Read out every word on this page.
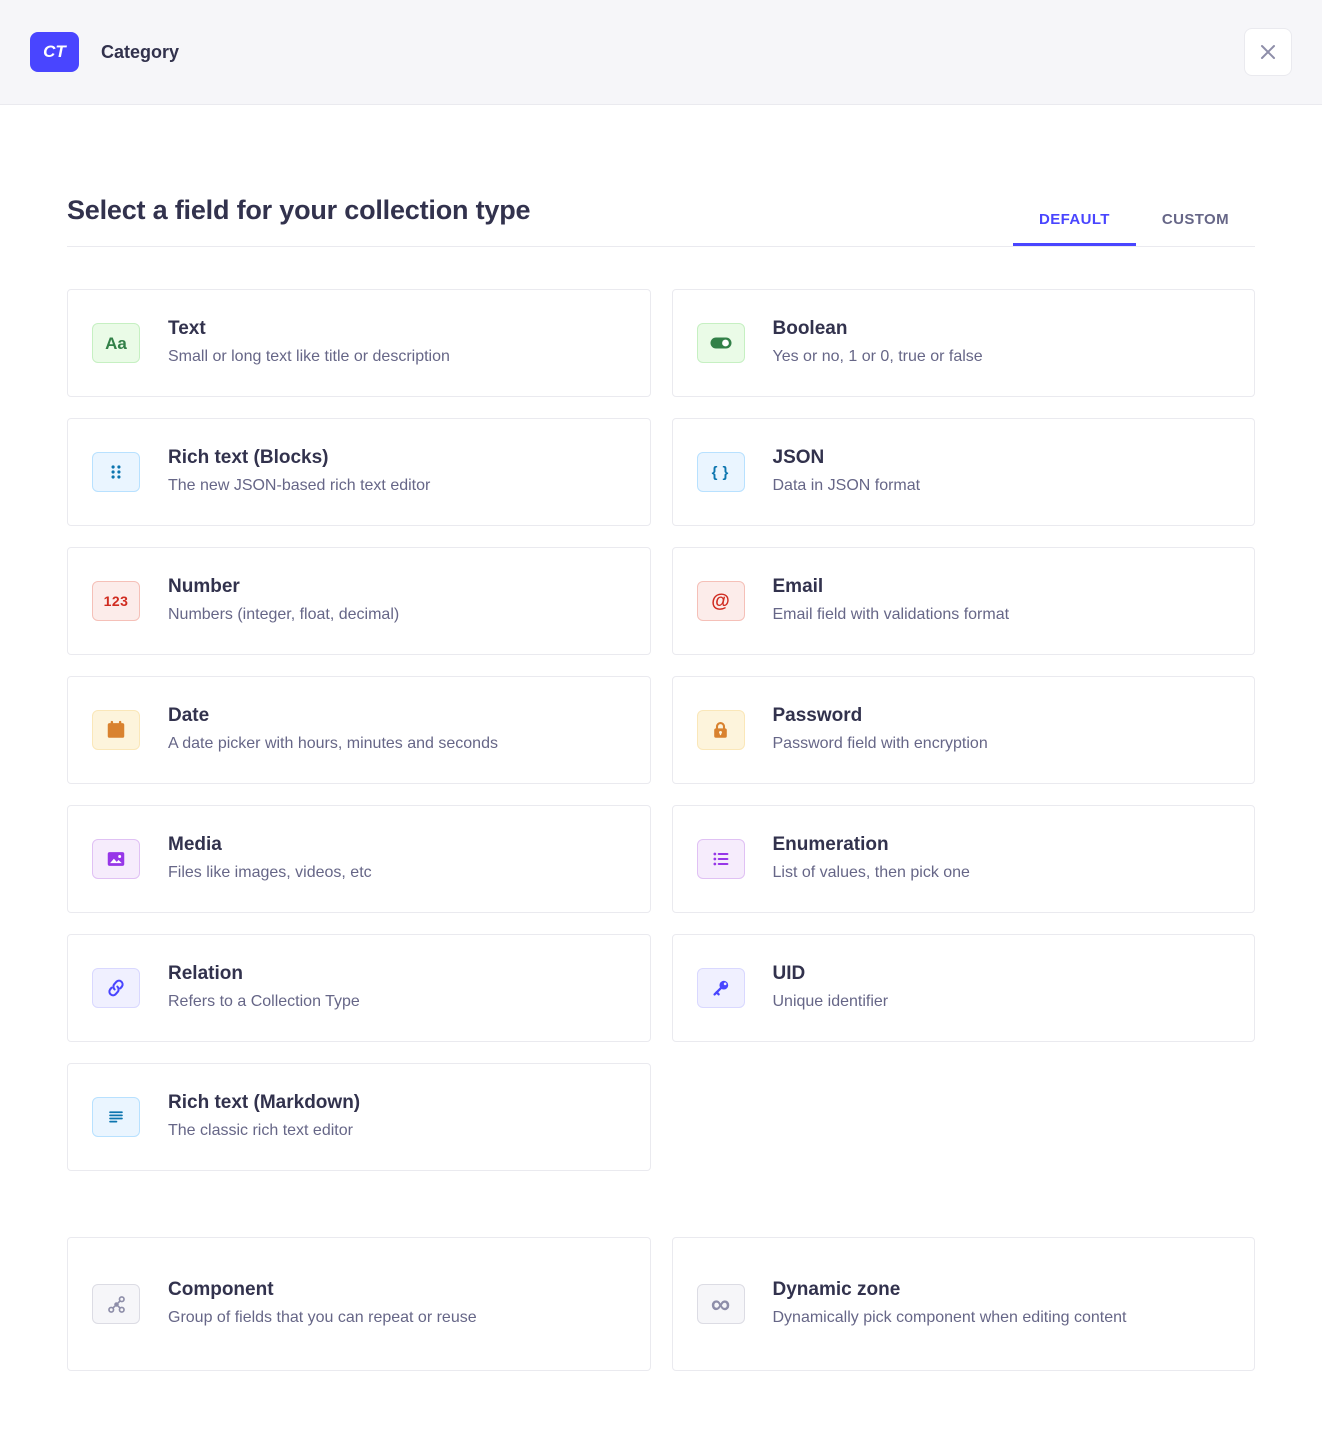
CT Category
Select a field for your collection type	DEFAULT	CUSTOM
Aa
Text
Small or long text like title or description
Boolean
Yes or no, 1 or 0, true or false
Rich text (Blocks)
The new JSON-based rich text editor
{ }
JSON
Data in JSON format
123
Number
Numbers (integer, float, decimal)
@
Email
Email field with validations format
Date
A date picker with hours, minutes and seconds
Password
Password field with encryption
Media
Files like images, videos, etc
Enumeration
List of values, then pick one
Relation
Refers to a Collection Type
UID
Unique identifier
Rich text (Markdown)
The classic rich text editor
Component
Group of fields that you can repeat or reuse	∞ Dynamic zone
Dynamically pick component when editing content
